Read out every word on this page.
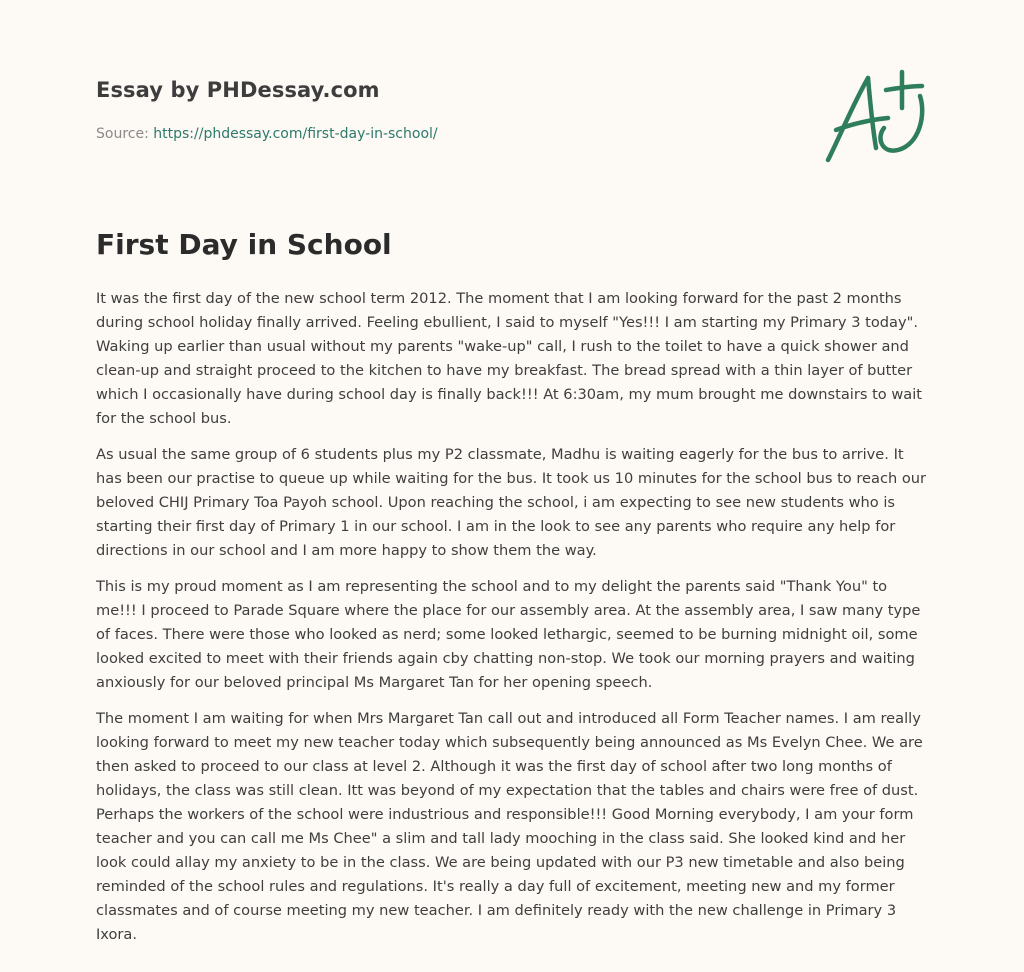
Essay by PHDessay.com
Source: https://phdessay.com/first-day-in-school/
First Day in School

It was the first day of the new school term 2012. The moment that I am looking forward for the past 2 months during school holiday finally arrived. Feeling ebullient, I said to myself "Yes!!! I am starting my Primary 3 today". Waking up earlier than usual without my parents "wake-up" call, I rush to the toilet to have a quick shower and clean-up and straight proceed to the kitchen to have my breakfast. The bread spread with a thin layer of butter which I occasionally have during school day is finally back!!! At 6:30am, my mum brought me downstairs to wait for the school bus.

As usual the same group of 6 students plus my P2 classmate, Madhu is waiting eagerly for the bus to arrive. It has been our practise to queue up while waiting for the bus. It took us 10 minutes for the school bus to reach our beloved CHIJ Primary Toa Payoh school. Upon reaching the school, i am expecting to see new students who is starting their first day of Primary 1 in our school. I am in the look to see any parents who require any help for directions in our school and I am more happy to show them the way.

This is my proud moment as I am representing the school and to my delight the parents said "Thank You" to me!!! I proceed to Parade Square where the place for our assembly area. At the assembly area, I saw many type of faces. There were those who looked as nerd; some looked lethargic, seemed to be burning midnight oil, some looked excited to meet with their friends again cby chatting non-stop. We took our morning prayers and waiting anxiously for our beloved principal Ms Margaret Tan for her opening speech.

The moment I am waiting for when Mrs Margaret Tan call out and introduced all Form Teacher names. I am really looking forward to meet my new teacher today which subsequently being announced as Ms Evelyn Chee. We are then asked to proceed to our class at level 2. Although it was the first day of school after two long months of holidays, the class was still clean. Itt was beyond of my expectation that the tables and chairs were free of dust. Perhaps the workers of the school were industrious and responsible!!! Good Morning everybody, I am your form teacher and you can call me Ms Chee" a slim and tall lady mooching in the class said. She looked kind and her look could allay my anxiety to be in the class. We are being updated with our P3 new timetable and also being reminded of the school rules and regulations. It's really a day full of excitement, meeting new and my former classmates and of course meeting my new teacher. I am definitely ready with the new challenge in Primary 3 Ixora.
